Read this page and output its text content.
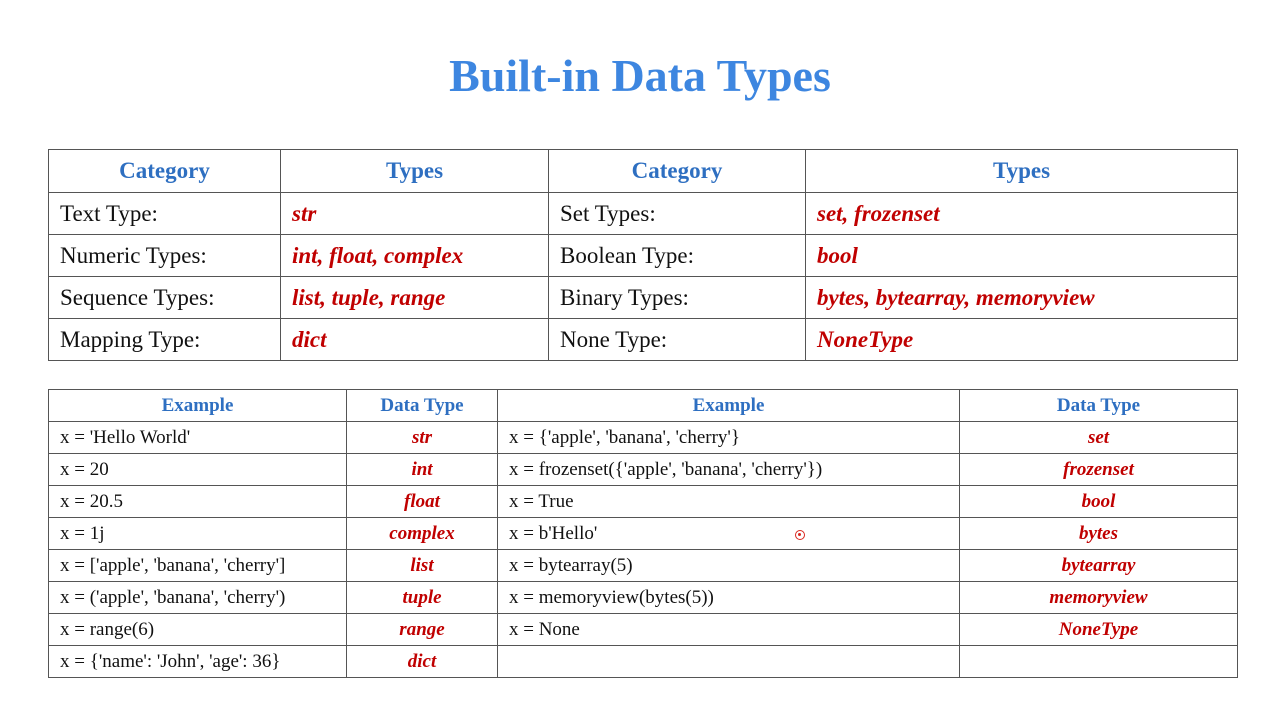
Built-in Data Types
Category	Types	Category	Types
Text Type:	str	Set Types:	set, frozenset
Numeric Types:	int, float, complex	Boolean Type:	bool
Sequence Types:	list, tuple, range	Binary Types:	bytes, bytearray, memoryview
Mapping Type:	dict	None Type:	NoneType
Example	Data Type	Example	Data Type
x = 'Hello World'	str	x = {'apple', 'banana', 'cherry'}	set
x = 20	int	x = frozenset({'apple', 'banana', 'cherry'})	frozenset
x = 20.5	float	x = True	bool
x = 1j	complex	x = b'Hello'	bytes
x = ['apple', 'banana', 'cherry']	list	x = bytearray(5)	bytearray
x = ('apple', 'banana', 'cherry')	tuple	x = memoryview(bytes(5))	memoryview
x = range(6)	range	x = None	NoneType
x = {'name': 'John', 'age': 36}	dict		
